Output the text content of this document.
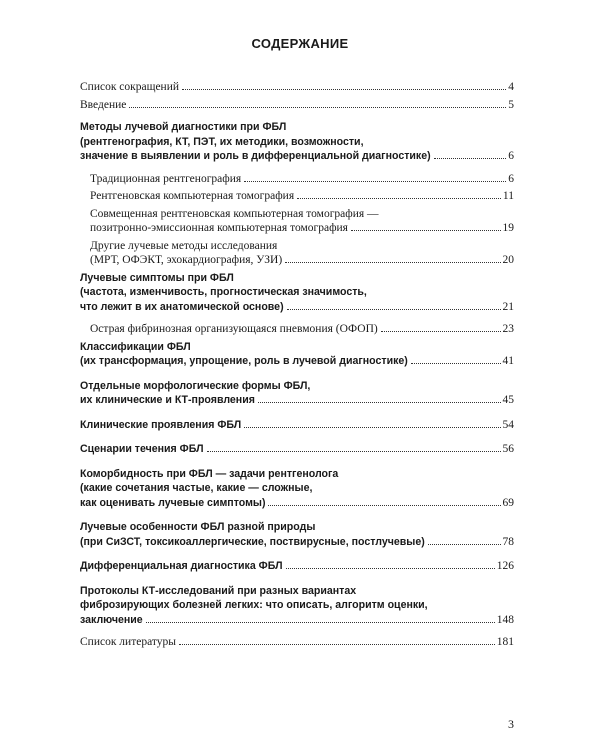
СОДЕРЖАНИЕ
Список сокращений	4
Введение	5
Методы лучевой диагностики при ФБЛ
(рентгенография, КТ, ПЭТ, их методики, возможности,
значение в выявлении и роль в дифференциальной диагностике)	6
Традиционная рентгенография	6
Рентгеновская компьютерная томография	11
Совмещенная рентгеновская компьютерная томография —
позитронно-эмиссионная компьютерная томография	19
Другие лучевые методы исследования
(МРТ, ОФЭКТ, эхокардиография, УЗИ)	20
Лучевые симптомы при ФБЛ
(частота, изменчивость, прогностическая значимость,
что лежит в их анатомической основе)	21
Острая фибринозная организующаяся пневмония (ОФОП)	23
Классификации ФБЛ
(их трансформация, упрощение, роль в лучевой диагностике)	41
Отдельные морфологические формы ФБЛ,
их клинические и КТ-проявления	45
Клинические проявления ФБЛ	54
Сценарии течения ФБЛ	56
Коморбидность при ФБЛ — задачи рентгенолога
(какие сочетания частые, какие — сложные,
как оценивать лучевые симптомы)	69
Лучевые особенности ФБЛ разной природы
(при СиЗСТ, токсикоаллергические, поствирусные, постлучевые)	78
Дифференциальная диагностика ФБЛ	126
Протоколы КТ-исследований при разных вариантах
фиброзирующих болезней легких: что описать, алгоритм оценки,
заключение	148
Список литературы	181
3
